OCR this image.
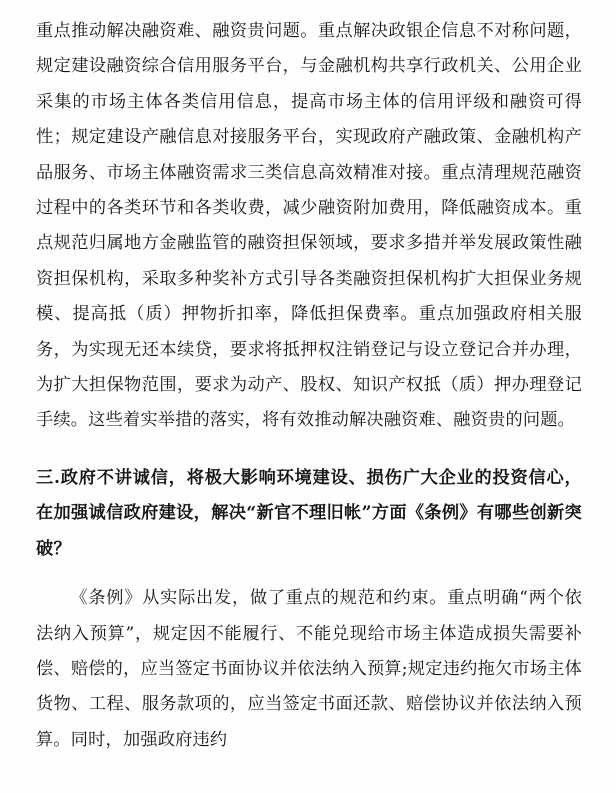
重点推动解决融资难、融资贵问题。重点解决政银企信息不对称问题，规定建设融资综合信用服务平台，与金融机构共享行政机关、公用企业采集的市场主体各类信用信息，提高市场主体的信用评级和融资可得性；规定建设产融信息对接服务平台，实现政府产融政策、金融机构产品服务、市场主体融资需求三类信息高效精准对接。重点清理规范融资过程中的各类环节和各类收费，减少融资附加费用，降低融资成本。重点规范归属地方金融监管的融资担保领域，要求多措并举发展政策性融资担保机构，采取多种奖补方式引导各类融资担保机构扩大担保业务规模、提高抵（质）押物折扣率，降低担保费率。重点加强政府相关服务，为实现无还本续贷，要求将抵押权注销登记与设立登记合并办理，为扩大担保物范围，要求为动产、股权、知识产权抵（质）押办理登记手续。这些着实举措的落实，将有效推动解决融资难、融资贵的问题。

三.政府不讲诚信，将极大影响环境建设、损伤广大企业的投资信心，在加强诚信政府建设，解决“新官不理旧帐”方面《条例》有哪些创新突破？

《条例》从实际出发，做了重点的规范和约束。重点明确“两个依法纳入预算”，规定因不能履行、不能兑现给市场主体造成损失需要补偿、赔偿的，应当签定书面协议并依法纳入预算;规定违约拖欠市场主体货物、工程、服务款项的，应当签定书面还款、赔偿协议并依法纳入预算。同时，加强政府违约
